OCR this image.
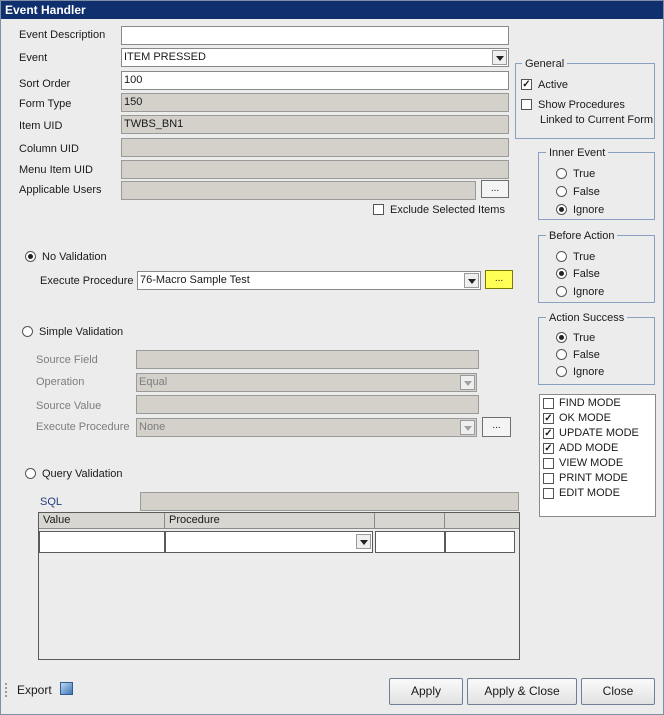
Event Handler
Event Description
Event	ITEM PRESSED
Sort Order	100
Form Type	150
Item UID	TWBS_BN1
Column UID
Menu Item UID
Applicable Users	...
Exclude Selected Items
General
✓ Active
Show Procedures
Linked to Current Form
Inner Event
True
False
Ignore
Before Action
True
False
Ignore
Action Success
True
False
Ignore
FIND MODE
✓ OK MODE
✓ UPDATE MODE
✓ ADD MODE
VIEW MODE
PRINT MODE
EDIT MODE
No Validation
Execute Procedure 76-Macro Sample Test	...
Simple Validation
Source Field
Operation	Equal
Source Value
Execute Procedure None	...
Query Validation
SQL
Value	Procedure
Export	Apply	Apply & Close	Close
